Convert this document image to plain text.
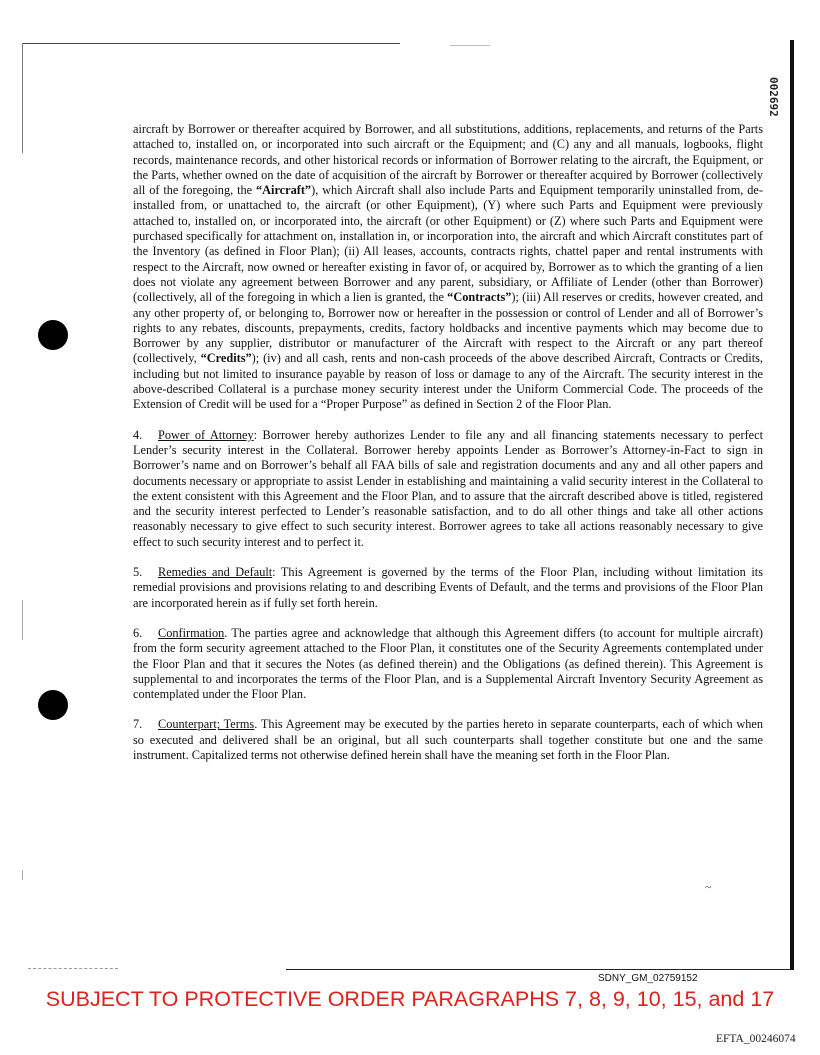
002692

aircraft by Borrower or thereafter acquired by Borrower, and all substitutions, additions, replacements, and returns of the Parts attached to, installed on, or incorporated into such aircraft or the Equipment; and (C) any and all manuals, logbooks, flight records, maintenance records, and other historical records or information of Borrower relating to the aircraft, the Equipment, or the Parts, whether owned on the date of acquisition of the aircraft by Borrower or thereafter acquired by Borrower (collectively all of the foregoing, the “Aircraft”), which Aircraft shall also include Parts and Equipment temporarily uninstalled from, de-installed from, or unattached to, the aircraft (or other Equipment), (Y) where such Parts and Equipment were previously attached to, installed on, or incorporated into, the aircraft (or other Equipment) or (Z) where such Parts and Equipment were purchased specifically for attachment on, installation in, or incorporation into, the aircraft and which Aircraft constitutes part of the Inventory (as defined in Floor Plan); (ii) All leases, accounts, contracts rights, chattel paper and rental instruments with respect to the Aircraft, now owned or hereafter existing in favor of, or acquired by, Borrower as to which the granting of a lien does not violate any agreement between Borrower and any parent, subsidiary, or Affiliate of Lender (other than Borrower) (collectively, all of the foregoing in which a lien is granted, the “Contracts”); (iii) All reserves or credits, however created, and any other property of, or belonging to, Borrower now or hereafter in the possession or control of Lender and all of Borrower’s rights to any rebates, discounts, prepayments, credits, factory holdbacks and incentive payments which may become due to Borrower by any supplier, distributor or manufacturer of the Aircraft with respect to the Aircraft or any part thereof (collectively, “Credits”); (iv) and all cash, rents and non-cash proceeds of the above described Aircraft, Contracts or Credits, including but not limited to insurance payable by reason of loss or damage to any of the Aircraft. The security interest in the above-described Collateral is a purchase money security interest under the Uniform Commercial Code. The proceeds of the Extension of Credit will be used for a “Proper Purpose” as defined in Section 2 of the Floor Plan.

4. Power of Attorney: Borrower hereby authorizes Lender to file any and all financing statements necessary to perfect Lender’s security interest in the Collateral. Borrower hereby appoints Lender as Borrower’s Attorney-in-Fact to sign in Borrower’s name and on Borrower’s behalf all FAA bills of sale and registration documents and any and all other papers and documents necessary or appropriate to assist Lender in establishing and maintaining a valid security interest in the Collateral to the extent consistent with this Agreement and the Floor Plan, and to assure that the aircraft described above is titled, registered and the security interest perfected to Lender’s reasonable satisfaction, and to do all other things and take all other actions reasonably necessary to give effect to such security interest. Borrower agrees to take all actions reasonably necessary to give effect to such security interest and to perfect it.

5. Remedies and Default: This Agreement is governed by the terms of the Floor Plan, including without limitation its remedial provisions and provisions relating to and describing Events of Default, and the terms and provisions of the Floor Plan are incorporated herein as if fully set forth herein.

6. Confirmation. The parties agree and acknowledge that although this Agreement differs (to account for multiple aircraft) from the form security agreement attached to the Floor Plan, it constitutes one of the Security Agreements contemplated under the Floor Plan and that it secures the Notes (as defined therein) and the Obligations (as defined therein). This Agreement is supplemental to and incorporates the terms of the Floor Plan, and is a Supplemental Aircraft Inventory Security Agreement as contemplated under the Floor Plan.

7. Counterpart; Terms. This Agreement may be executed by the parties hereto in separate counterparts, each of which when so executed and delivered shall be an original, but all such counterparts shall together constitute but one and the same instrument. Capitalized terms not otherwise defined herein shall have the meaning set forth in the Floor Plan.

~
SDNY_GM_02759152
SUBJECT TO PROTECTIVE ORDER PARAGRAPHS 7, 8, 9, 10, 15, and 17
EFTA_00246074
